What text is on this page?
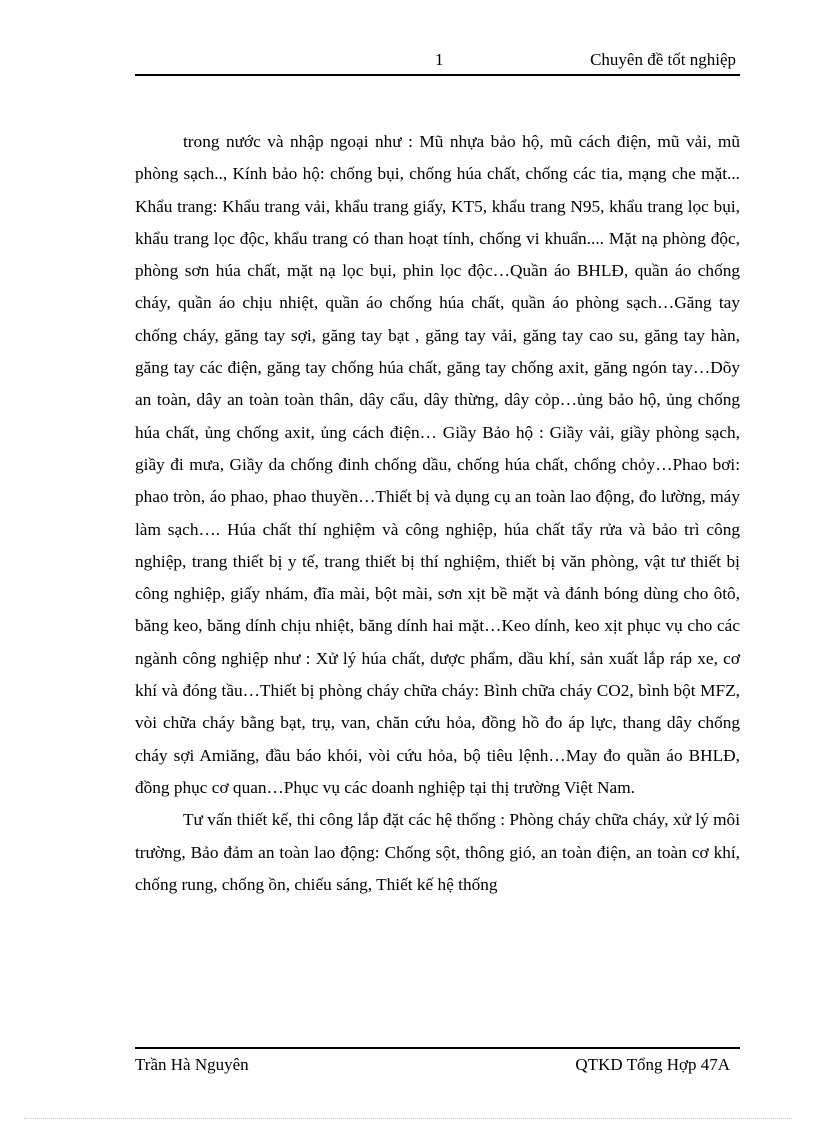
1	Chuyên đề tốt nghiệp

trong nước và nhập ngoại như : Mũ nhựa bảo hộ, mũ cách điện, mũ vải, mũ phòng sạch.., Kính bảo hộ: chống bụi, chống húa chất, chống các tia, mạng che mặt... Khẩu trang: Khẩu trang vải, khẩu trang giấy, KT5, khẩu trang N95, khẩu trang lọc bụi, khẩu trang lọc độc, khẩu trang có than hoạt tính, chống vi khuẩn.... Mặt nạ phòng độc, phòng sơn húa chất, mặt nạ lọc bụi, phin lọc độc…Quần áo BHLĐ, quần áo chống cháy, quần áo chịu nhiệt, quần áo chống húa chất, quần áo phòng sạch…Găng tay chống cháy, găng tay sợi, găng tay bạt , găng tay vải, găng tay cao su, găng tay hàn, găng tay các điện, găng tay chống húa chất, găng tay chống axit, găng ngón tay…Dõy an toàn, dây an toàn toàn thân, dây cẩu, dây thừng, dây cỏp…ủng bảo hộ, ủng chống húa chất, ủng chống axit, ủng cách điện… Giầy Bảo hộ : Giầy vải, giầy phòng sạch, giầy đi mưa, Giầy da chống đinh chống dầu, chống húa chất, chống chỏy…Phao bơi: phao tròn, áo phao, phao thuyền…Thiết bị và dụng cụ an toàn lao động, đo lường, máy làm sạch…. Húa chất thí nghiệm và công nghiệp, húa chất tẩy rửa và bảo trì công nghiệp, trang thiết bị y tế, trang thiết bị thí nghiệm, thiết bị văn phòng, vật tư thiết bị công nghiệp, giấy nhám, đĩa mài, bột mài, sơn xịt bề mặt và đánh bóng dùng cho ôtô, băng keo, băng dính chịu nhiệt, băng dính hai mặt…Keo dính, keo xịt phục vụ cho các ngành công nghiệp như : Xử lý húa chất, dược phẩm, dầu khí, sản xuất lắp ráp xe, cơ khí và đóng tầu…Thiết bị phòng cháy chữa cháy: Bình chữa cháy CO2, bình bột MFZ, vòi chữa cháy bằng bạt, trụ, van, chăn cứu hỏa, đồng hồ đo áp lực, thang dây chống cháy sợi Amiăng, đầu báo khói, vòi cứu hỏa, bộ tiêu lệnh…May đo quần áo BHLĐ, đồng phục cơ quan…Phục vụ các doanh nghiệp tại thị trường Việt Nam.

Tư vấn thiết kế, thi công lắp đặt các hệ thống : Phòng cháy chữa cháy, xử lý môi trường, Bảo đảm an toàn lao động: Chống sột, thông gió, an toàn điện, an toàn cơ khí, chống rung, chống ồn, chiếu sáng, Thiết kế hệ thống

Trần Hà Nguyên	QTKD Tổng Hợp 47A
